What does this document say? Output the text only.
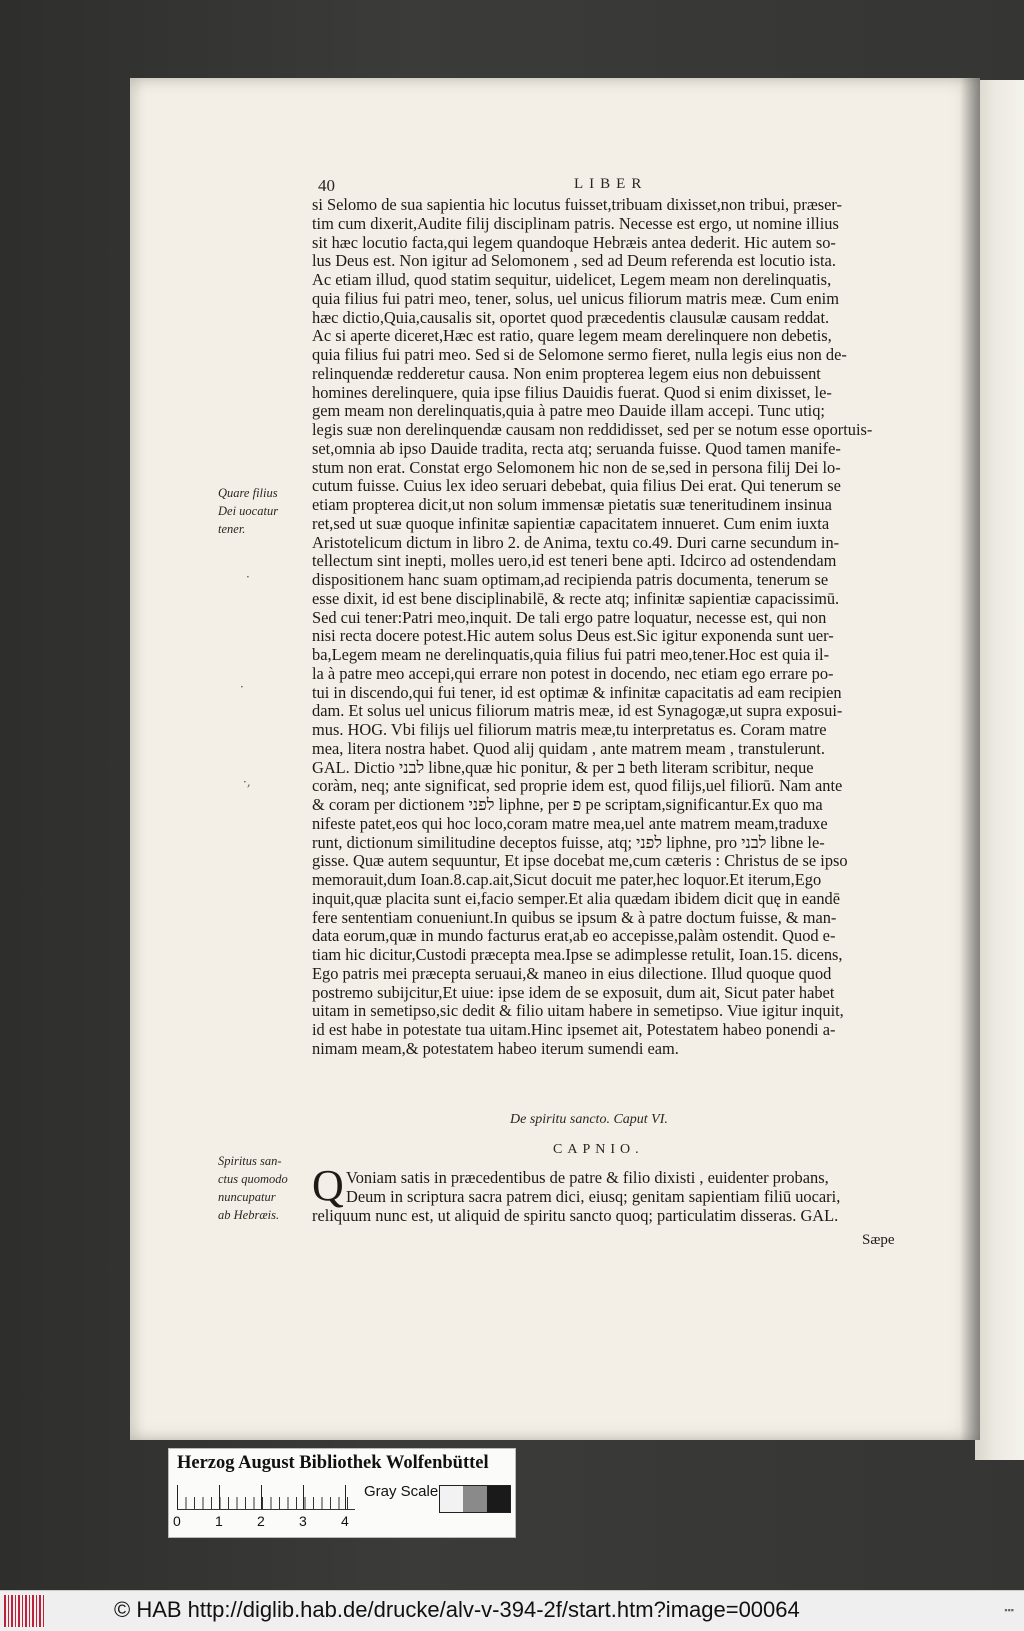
40	LIBER
si Selomo de sua sapientia hic locutus fuisset,tribuam dixisset,non tribui, præser-
tim cum dixerit,Audite filij disciplinam patris. Necesse est ergo, ut nomine illius
sit hæc locutio facta,qui legem quandoque Hebræis antea dederit. Hic autem so-
lus Deus est. Non igitur ad Selomonem , sed ad Deum referenda est locutio ista.
Ac etiam illud, quod statim sequitur, uidelicet, Legem meam non derelinquatis,
quia filius fui patri meo, tener, solus, uel unicus filiorum matris meæ. Cum enim
hæc dictio,Quia,causalis sit, oportet quod præcedentis clausulæ causam reddat.
Ac si aperte diceret,Hæc est ratio, quare legem meam derelinquere non debetis,
quia filius fui patri meo. Sed si de Selomone sermo fieret, nulla legis eius non de-
relinquendæ redderetur causa. Non enim propterea legem eius non debuissent
homines derelinquere, quia ipse filius Dauidis fuerat. Quod si enim dixisset, le-
gem meam non derelinquatis,quia à patre meo Dauide illam accepi. Tunc utiq;
legis suæ non derelinquendæ causam non reddidisset, sed per se notum esse oportuis-
set,omnia ab ipso Dauide tradita, recta atq; seruanda fuisse. Quod tamen manife-
stum non erat. Constat ergo Selomonem hic non de se,sed in persona filij Dei lo-
cutum fuisse. Cuius lex ideo seruari debebat, quia filius Dei erat. Qui tenerum se
etiam propterea dicit,ut non solum immensæ pietatis suæ teneritudinem insinua
ret,sed ut suæ quoque infinitæ sapientiæ capacitatem innueret. Cum enim iuxta
Aristotelicum dictum in libro 2. de Anima, textu co.49. Duri carne secundum in-
tellectum sint inepti, molles uero,id est teneri bene apti. Idcirco ad ostendendam
dispositionem hanc suam optimam,ad recipienda patris documenta, tenerum se
esse dixit, id est bene disciplinabilē, & recte atq; infinitæ sapientiæ capacissimū.
Sed cui tener:Patri meo,inquit. De tali ergo patre loquatur, necesse est, qui non
nisi recta docere potest.Hic autem solus Deus est.Sic igitur exponenda sunt uer-
ba,Legem meam ne derelinquatis,quia filius fui patri meo,tener.Hoc est quia il-
la à patre meo accepi,qui errare non potest in docendo, nec etiam ego errare po-
tui in discendo,qui fui tener, id est optimæ & infinitæ capacitatis ad eam recipien
dam. Et solus uel unicus filiorum matris meæ, id est Synagogæ,ut supra exposui-
mus. HOG. Vbi filijs uel filiorum matris meæ,tu interpretatus es. Coram matre
mea, litera nostra habet. Quod alij quidam , ante matrem meam , transtulerunt.
GAL. Dictio לבני libne,quæ hic ponitur, & per ב beth literam scribitur, neque
coràm, neq; ante significat, sed proprie idem est, quod filijs,uel filiorū. Nam ante
& coram per dictionem לפני liphne, per פ pe scriptam,significantur.Ex quo ma
nifeste patet,eos qui hoc loco,coram matre mea,uel ante matrem meam,traduxe
runt, dictionum similitudine deceptos fuisse, atq; לפני liphne, pro לבני libne le-
gisse. Quæ autem sequuntur, Et ipse docebat me,cum cæteris : Christus de se ipso
memorauit,dum Ioan.8.cap.ait,Sicut docuit me pater,hec loquor.Et iterum,Ego
inquit,quæ placita sunt ei,facio semper.Et alia quædam ibidem dicit quę in eandē
fere sententiam conueniunt.In quibus se ipsum & à patre doctum fuisse, & man-
data eorum,quæ in mundo facturus erat,ab eo accepisse,palàm ostendit. Quod e-
tiam hic dicitur,Custodi præcepta mea.Ipse se adimplesse retulit, Ioan.15. dicens,
Ego patris mei præcepta seruaui,& maneo in eius dilectione. Illud quoque quod
postremo subijcitur,Et uiue: ipse idem de se exposuit, dum ait, Sicut pater habet
uitam in semetipso,sic dedit & filio uitam habere in semetipso. Viue igitur inquit,
id est habe in potestate tua uitam.Hinc ipsemet ait, Potestatem habeo ponendi a-
nimam meam,& potestatem habeo iterum sumendi eam.
Quare filius
Dei uocatur
tener.
·
·
·,
De spiritu sancto. Caput VI.
CAPNIO.
Q Voniam satis in præcedentibus de patre & filio dixisti , euidenter probans,
Deum in scriptura sacra patrem dici, eiusq; genitam sapientiam filiū uocari,
reliquum nunc est, ut aliquid de spiritu sancto quoq; particulatim disseras. GAL.
Sæpe
Spiritus san-
ctus quomodo
nuncupatur
ab Hebræis.
Herzog August Bibliothek Wolfenbüttel
0 1 2 3 4
Gray Scale
© HAB http://diglib.hab.de/drucke/alv-v-394-2f/start.htm?image=00064	▪▪▪
